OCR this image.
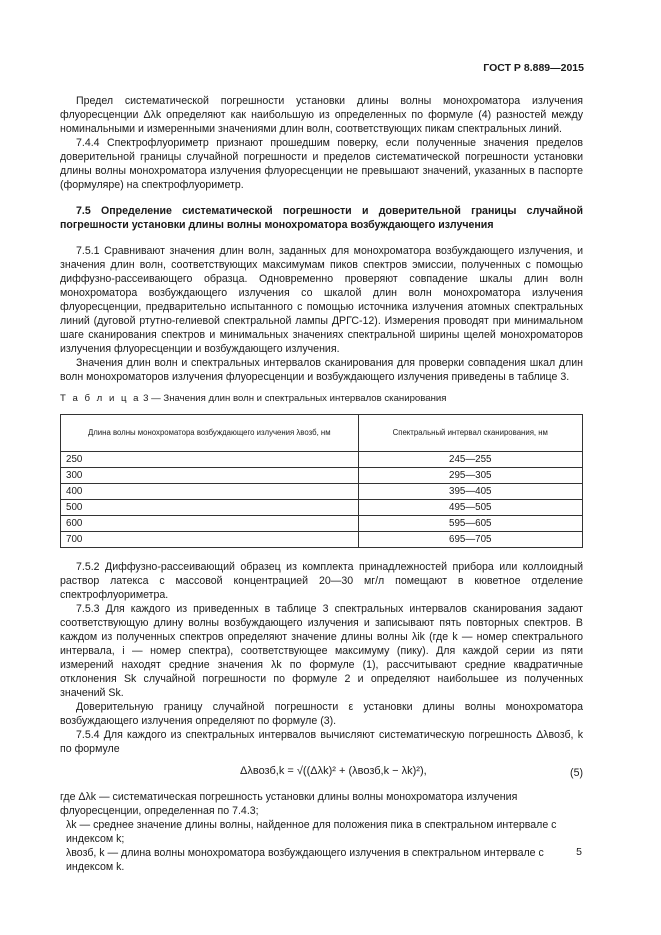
ГОСТ Р 8.889—2015

Предел систематической погрешности установки длины волны монохроматора излучения флуоресценции Δλk определяют как наибольшую из определенных по формуле (4) разностей между номинальными и измеренными значениями длин волн, соответствующих пикам спектральных линий.

7.4.4 Спектрофлуориметр признают прошедшим поверку, если полученные значения пределов доверительной границы случайной погрешности и пределов систематической погрешности установки длины волны монохроматора излучения флуоресценции не превышают значений, указанных в паспорте (формуляре) на спектрофлуориметр.

7.5 Определение систематической погрешности и доверительной границы случайной погрешности установки длины волны монохроматора возбуждающего излучения

7.5.1 Сравнивают значения длин волн, заданных для монохроматора возбуждающего излучения, и значения длин волн, соответствующих максимумам пиков спектров эмиссии, полученных с помощью диффузно-рассеивающего образца. Одновременно проверяют совпадение шкалы длин волн монохроматора возбуждающего излучения со шкалой длин волн монохроматора излучения флуоресценции, предварительно испытанного с помощью источника излучения атомных спектральных линий (дуговой ртутно-гелиевой спектральной лампы ДРГС-12). Измерения проводят при минимальном шаге сканирования спектров и минимальных значениях спектральной ширины щелей монохроматоров излучения флуоресценции и возбуждающего излучения.

Значения длин волн и спектральных интервалов сканирования для проверки совпадения шкал длин волн монохроматоров излучения флуоресценции и возбуждающего излучения приведены в таблице 3.

Т а б л и ц а 3 — Значения длин волн и спектральных интервалов сканирования
Длина волны монохроматора возбуждающего излучения λвозб, нм	Спектральный интервал сканирования, нм
250	245—255
300	295—305
400	395—405
500	495—505
600	595—605
700	695—705

7.5.2 Диффузно-рассеивающий образец из комплекта принадлежностей прибора или коллоидный раствор латекса с массовой концентрацией 20—30 мг/л помещают в кюветное отделение спектрофлуориметра.

7.5.3 Для каждого из приведенных в таблице 3 спектральных интервалов сканирования задают соответствующую длину волны возбуждающего излучения и записывают пять повторных спектров. В каждом из полученных спектров определяют значение длины волны λik (где k — номер спектрального интервала, i — номер спектра), соответствующее максимуму (пику). Для каждой серии из пяти измерений находят средние значения λk по формуле (1), рассчитывают средние квадратичные отклонения Sk случайной погрешности по формуле 2 и определяют наибольшее из полученных значений Sk.

Доверительную границу случайной погрешности ε установки длины волны монохроматора возбуждающего излучения определяют по формуле (3).

7.5.4 Для каждого из спектральных интервалов вычисляют систематическую погрешность Δλвозб, k по формуле

Δλвозб,k = √((Δλk)² + (λвозб,k − λk)²),	(5)

где Δλk — систематическая погрешность установки длины волны монохроматора излучения флуоресценции, определенная по 7.4.3;

λk — среднее значение длины волны, найденное для положения пика в спектральном интервале с индексом k;

λвозб, k — длина волны монохроматора возбуждающего излучения в спектральном интервале с индексом k.

5
